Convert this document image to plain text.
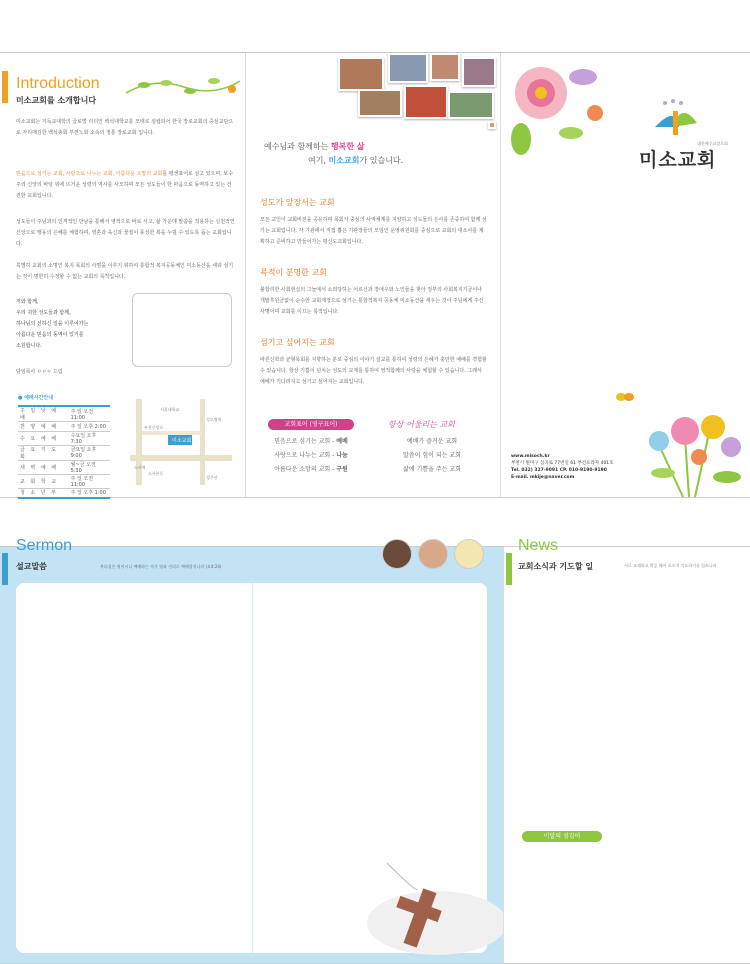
Introduction
미소교회를 소개합니다
미소교회는 기독교대학의 글로벌 리더인 백석대학교를 모태로 설립되어 한국 장로교회의 중심교단으로 자리매김한 백석총회 부천노회 소속의 정통 장로교회 입니다.
믿음으로 섬기는 교회, 사랑으로 나누는 교회, 아름다운 소망의 교회를 평생표어로 삼고 있으며, 보수주의 신앙의 바탕 위에 뜨거운 성령의 역사를 사모하며 모든 성도들이 한 마음으로 동역하고 있는 건전한 교회입니다.
성도들이 주님과의 인격적인 만남을 통해서 영적으로 바로 서고, 삶 가운데 말씀을 적용하는 실천적인 신앙으로 행동의 은혜를 체험하며, 영혼과 육신과 물질이 풍성한 복을 누릴 수 있도록 돕는 교회입니다.
특별히 교회의 소명인 복지 목회의 사명을 이루기 위하여 통합적 복지공동체인 미소동산을 세워 섬기는 것이 명한히 수정할 수 없는 교회의 목적입니다.
저와 함께,
우리 귀한 성도들과 함께,
하나님의 선하신 일을 이루어가는
아름다운 믿음의 동역이 있기를
소원합니다.
담임목사 ㅇㅇㅇ 드림
● 예배시간안내
주 일 낮 예 배	주 일 오전 11:00
찬 양 예 배	주 일 오후 2:00
수 요 예 배	수요일 오후 7:30
금 요 기 도 회	금요일 오후 9:00
새 벽 예 배	월~금 오전 5:30
교 회 학 교	주 일 오전 11:00
청 소 년 부	주 일 오후 1:00
미소교회
서울대학교
소사역
부천중앙로
성모병원
소사본동
성주산
예수님과 함께하는 행복한 삶
여기, 미소교회가 있습니다.
성도가 앞장서는 교회
모든 교인이 교회비전을 공유하며 목회자 중심의 사역체계를 지양하고 성도들의 은사를 존중하여 함께 섬기는 교회입니다. 각 기관에서 직접 뽑은 기관장들의 모임인 운영위원회를 중심으로 교회의 대소사를 계획하고 준비하고 만들어가는 평신도교회입니다.
목적이 분명한 교회
불합리한 사회현실의 그늘에서 소외당하는 어르신과 장애우와 노인들을 찾아 정부의 사회복지기금이나 개발후원금없이 순수한 교회재정으로 섬기는 통합적복지 공동체 미소동산을 세우는 것이 주님에게 주신 사명이며 교회를 이끄는 목적입니다.
섬기고 싶어지는 교회
바른신학과 균형목회를 지향하는 분로 중심의 이야기 설교를 통하여 성령의 은혜가 충만한 예배를 경험할 수 있습니다. 항상 기쁨이 넘치는 성도의 교제를 통하여 영적함께의 사랑을 체험할 수 있습니다. 그래서 예배가 기다려지고 섬기고 싶어지는 교회입니다.
교회표어 (영구표어)
믿음으로 섬기는 교회 - 예배
사랑으로 나누는 교회 - 나눔
아름다운 소망의 교회 - 구원
항상 어울리는 교회
예배가 즐거운 교회
말씀이 힘이 되는 교회
삶에 기쁨을 주는 교회
대한예수교장로회
미소교회
www.misoch.kr
부천시 원미구 심곡로 77번길 61 부건프라자 401호
Tel. 032) 327-9091 CP. 010-9190-9190
E-mail. mkije@naver.com
Sermon
설교말씀	복되십은 영이시니 예배하는 자가 영과 진리로 예배할지니라 (요4:24)
News
교회소식과 기도할 일	서로 교제하고 박증 해서 오오저 기도하거를 힘쓰니라
이달의 섬김이
